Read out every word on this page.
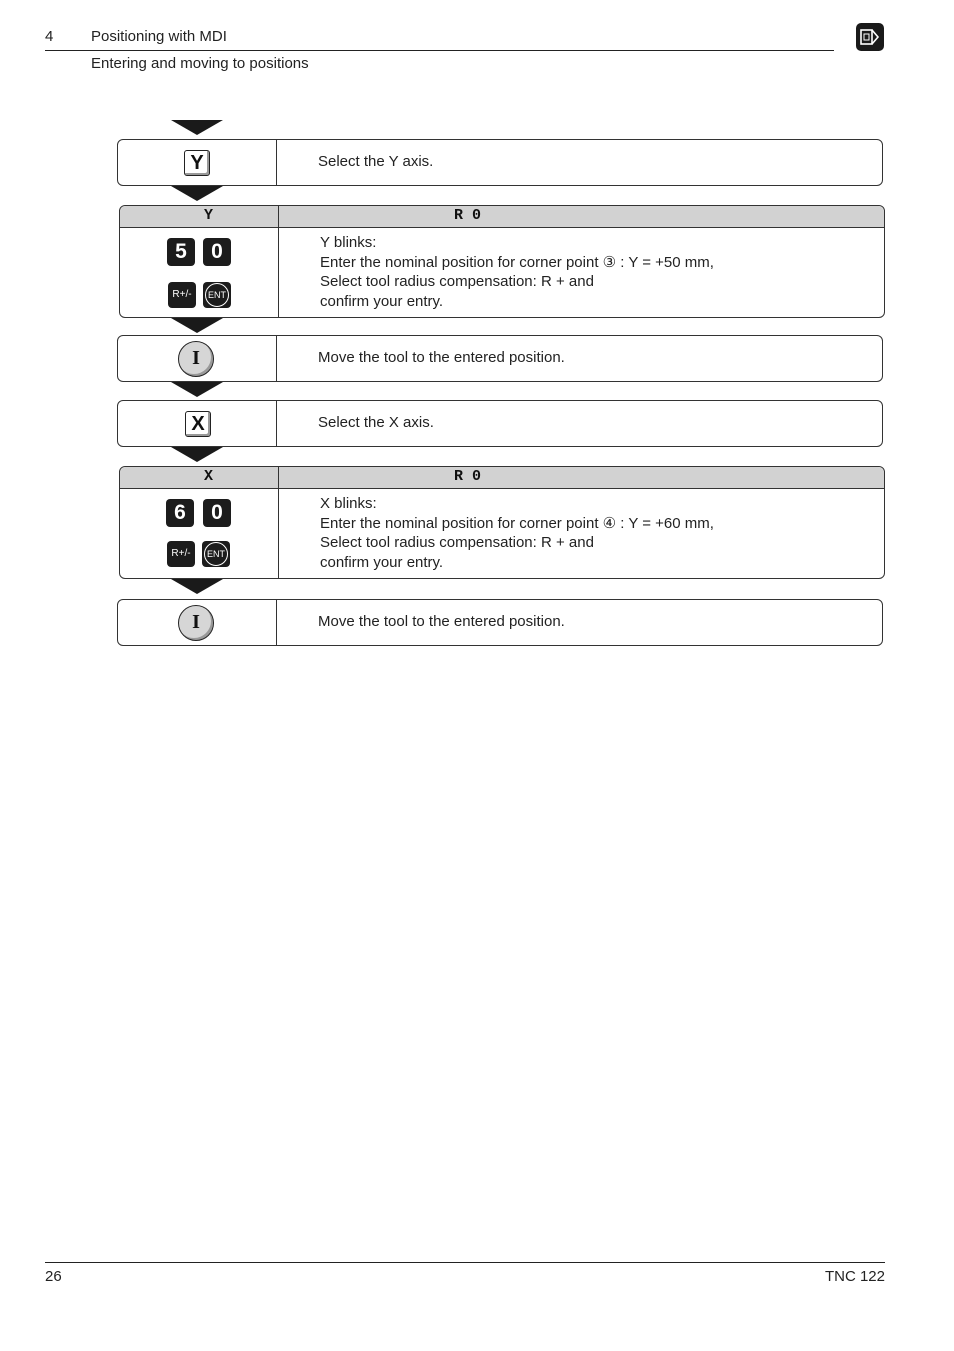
4	Positioning with MDI
Entering and moving to positions
Y	Select the Y axis.
Y	R 0
5	0
R+/-	ENT
Y blinks:
Enter the nominal position for corner point ③ : Y = +50 mm,
Select tool radius compensation: R + and
confirm your entry.
I	Move the tool to the entered position.
X	Select the X axis.
X	R 0
6	0
R+/-	ENT
X blinks:
Enter the nominal position for corner point ④ : Y = +60 mm,
Select tool radius compensation: R + and
confirm your entry.
I	Move the tool to the entered position.
26	TNC 122
